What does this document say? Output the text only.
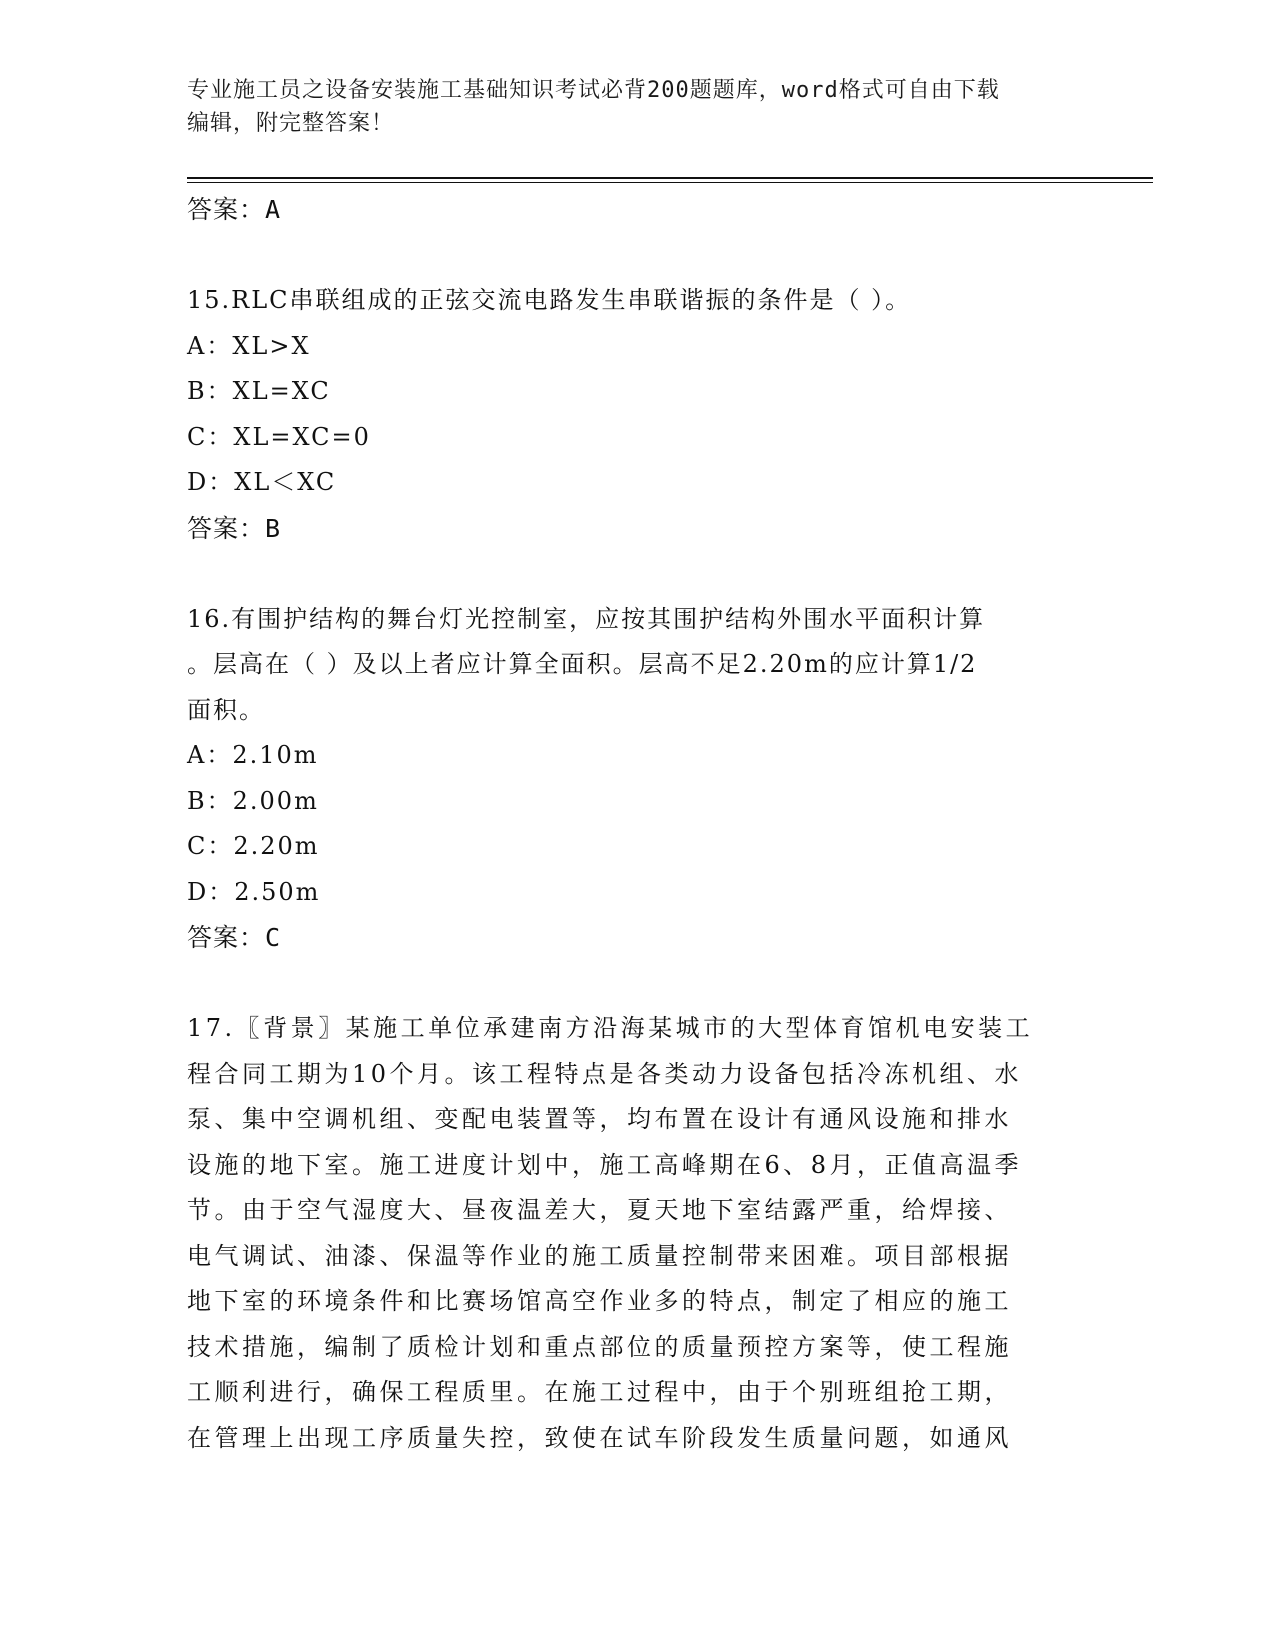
专业施工员之设备安装施工基础知识考试必背200题题库，word格式可自由下载
编辑，附完整答案！
答案：A
15.RLC串联组成的正弦交流电路发生串联谐振的条件是（ ）。
A：XL>X
B：XL=XC
C：XL=XC=0
D：XL＜XC
答案：B
16.有围护结构的舞台灯光控制室，应按其围护结构外围水平面积计算
。层高在（ ）及以上者应计算全面积。层高不足2.20m的应计算1/2
面积。
A：2.10m
B：2.00m
C：2.20m
D：2.50m
答案：C
17.〖背景〗某施工单位承建南方沿海某城市的大型体育馆机电安装工
程合同工期为10个月。该工程特点是各类动力设备包括冷冻机组、水
泵、集中空调机组、变配电装置等，均布置在设计有通风设施和排水
设施的地下室。施工进度计划中，施工高峰期在6、8月，正值高温季
节。由于空气湿度大、昼夜温差大，夏天地下室结露严重，给焊接、
电气调试、油漆、保温等作业的施工质量控制带来困难。项目部根据
地下室的环境条件和比赛场馆高空作业多的特点，制定了相应的施工
技术措施，编制了质检计划和重点部位的质量预控方案等，使工程施
工顺利进行，确保工程质里。在施工过程中，由于个别班组抢工期，
在管理上出现工序质量失控，致使在试车阶段发生质量问题，如通风
